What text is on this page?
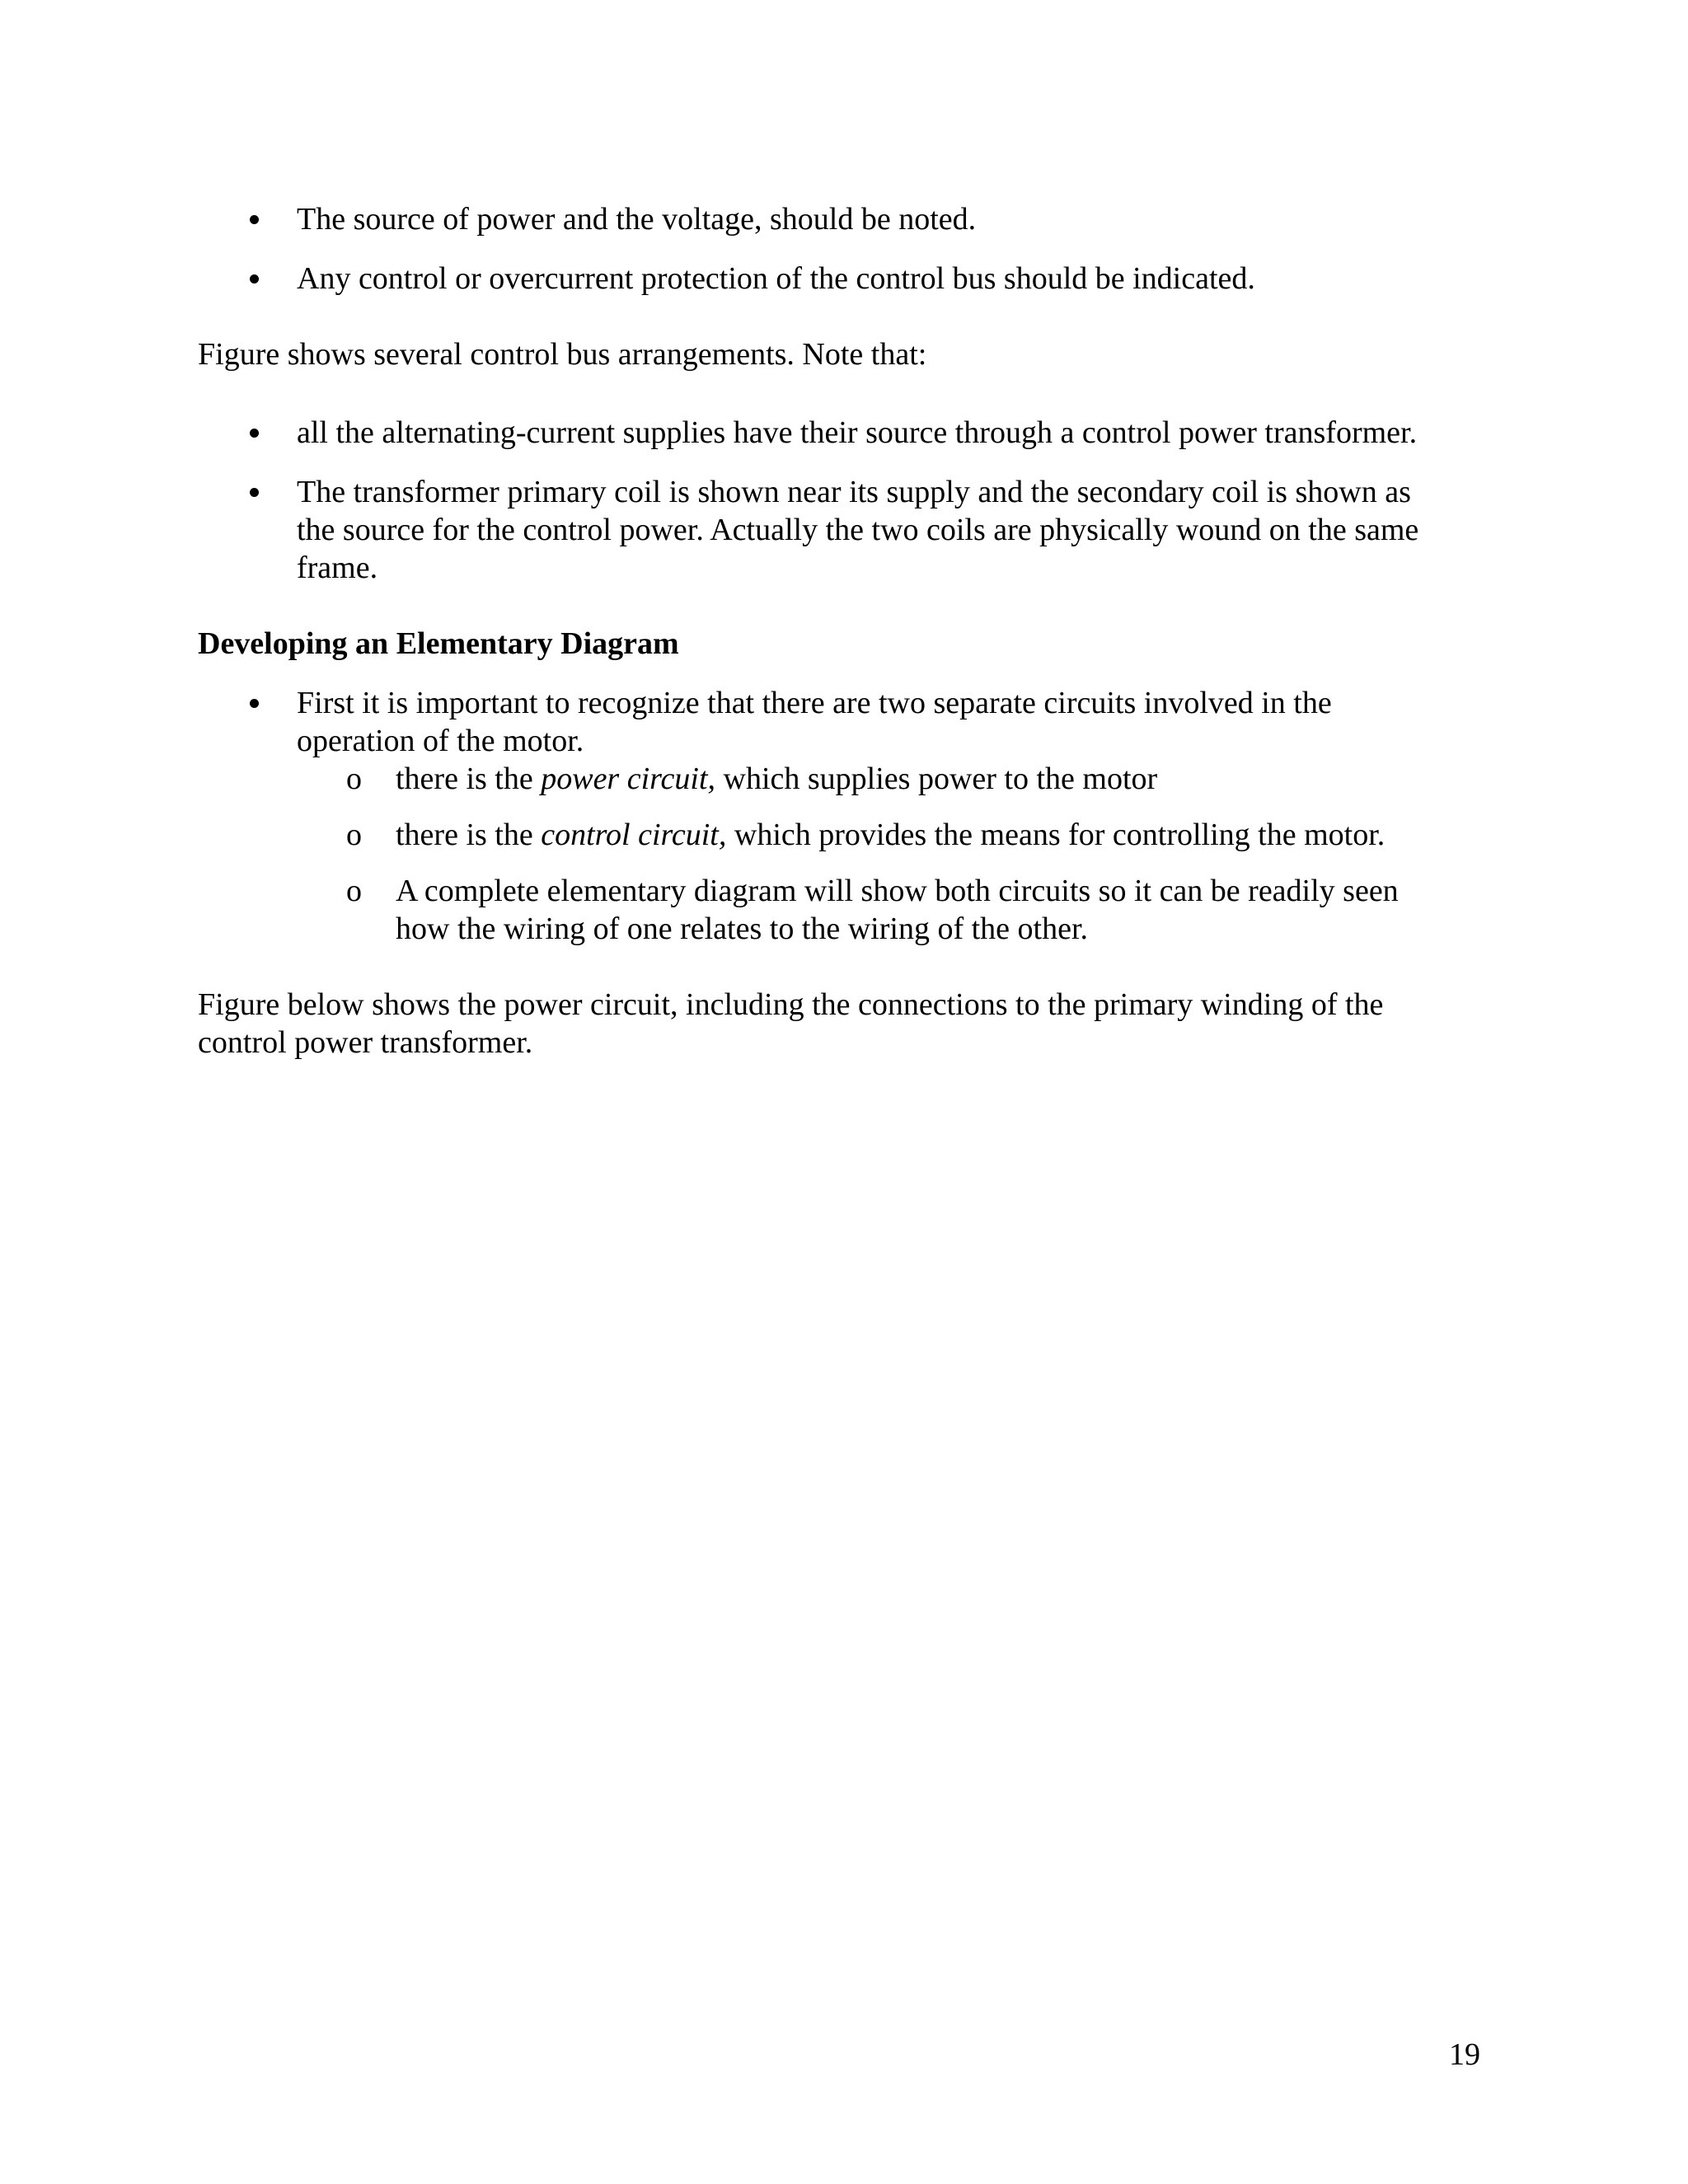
The source of power and the voltage, should be noted.
Any control or overcurrent protection of the control bus should be indicated.
Figure shows several control bus arrangements. Note that:
all the alternating-current supplies have their source through a control power transformer.
The transformer primary coil is shown near its supply and the secondary coil is shown as
the source for the control power. Actually the two coils are physically wound on the same
frame.
Developing an Elementary Diagram
First it is important to recognize that there are two separate circuits involved in the
operation of the motor.
o there is the power circuit, which supplies power to the motor
o there is the control circuit, which provides the means for controlling the motor.
o A complete elementary diagram will show both circuits so it can be readily seen
how the wiring of one relates to the wiring of the other.
Figure below shows the power circuit, including the connections to the primary winding of the
control power transformer.
19
